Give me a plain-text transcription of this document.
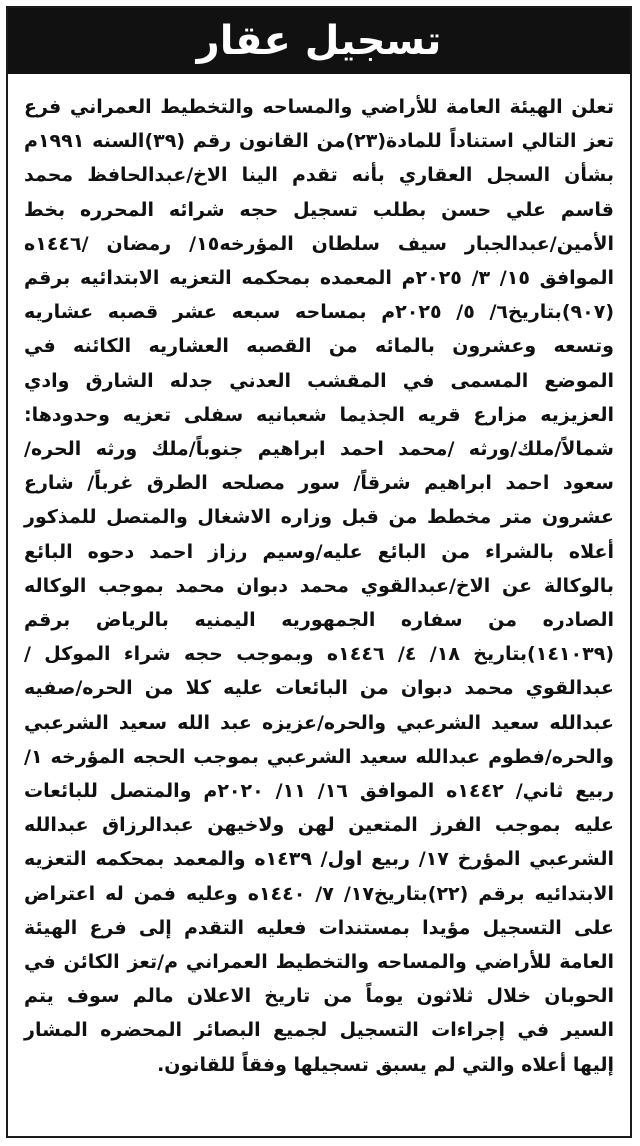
تسجيل عقار

تعلن الهيئة العامة للأراضي والمساحه والتخطيط العمراني فرع تعز التالي استناداً للمادة(٢٣)من القانون رقم (٣٩)السنه ١٩٩١م بشأن السجل العقاري بأنه تقدم الينا الاخ/عبدالحافظ محمد قاسم علي حسن بطلب تسجيل حجه شرائه المحرره بخط الأمين/عبدالجبار سيف سلطان المؤرخه١٥/ رمضان /١٤٤٦ه الموافق ١٥/ ٣/ ٢٠٢٥م المعمده بمحكمه التعزيه الابتدائيه برقم (٩٠٧)بتاريخ٦/ ٥/ ٢٠٢٥م بمساحه سبعه عشر قصبه عشاريه وتسعه وعشرون بالمائه من القصبه العشاريه الكائنه في الموضع المسمى في المقشب العدني جدله الشارق وادي العزيزيه مزارع قريه الجذيما شعبانيه سفلى تعزيه وحدودها: شمالاً/ملك/ورثه /محمد احمد ابراهيم جنوباً/ملك ورثه الحره/سعود احمد ابراهيم شرقاً/ سور مصلحه الطرق غرباً/ شارع عشرون متر مخطط من قبل وزاره الاشغال والمتصل للمذكور أعلاه بالشراء من البائع عليه/وسيم رزاز احمد دحوه البائع بالوكالة عن الاخ/عبدالقوي محمد دبوان محمد بموجب الوكاله الصادره من سفاره الجمهوريه اليمنيه بالرياض برقم (١٤١٠٣٩)بتاريخ ١٨/ ٤/ ١٤٤٦ه وبموجب حجه شراء الموكل / عبدالقوي محمد دبوان من البائعات عليه كلا من الحره/صفيه عبدالله سعيد الشرعبي والحره/عزيزه عبد الله سعيد الشرعبي والحره/فطوم عبدالله سعيد الشرعبي بموجب الحجه المؤرخه ١/ ربيع ثاني/ ١٤٤٢ه الموافق ١٦/ ١١/ ٢٠٢٠م والمتصل للبائعات عليه بموجب الفرز المتعين لهن ولاخيهن عبدالرزاق عبدالله الشرعبي المؤرخ ١٧/ ربيع اول/ ١٤٣٩ه والمعمد بمحكمه التعزيه الابتدائيه برقم (٢٢)بتاريخ١٧/ ٧/ ١٤٤٠ه وعليه فمن له اعتراض على التسجيل مؤيدا بمستندات فعليه التقدم إلى فرع الهيئة العامة للأراضي والمساحه والتخطيط العمراني م/تعز الكائن في الحوبان خلال ثلاثون يوماً من تاريخ الاعلان مالم سوف يتم السير في إجراءات التسجيل لجميع البصائر المحضره المشار إليها أعلاه والتي لم يسبق تسجيلها وفقاً للقانون.
